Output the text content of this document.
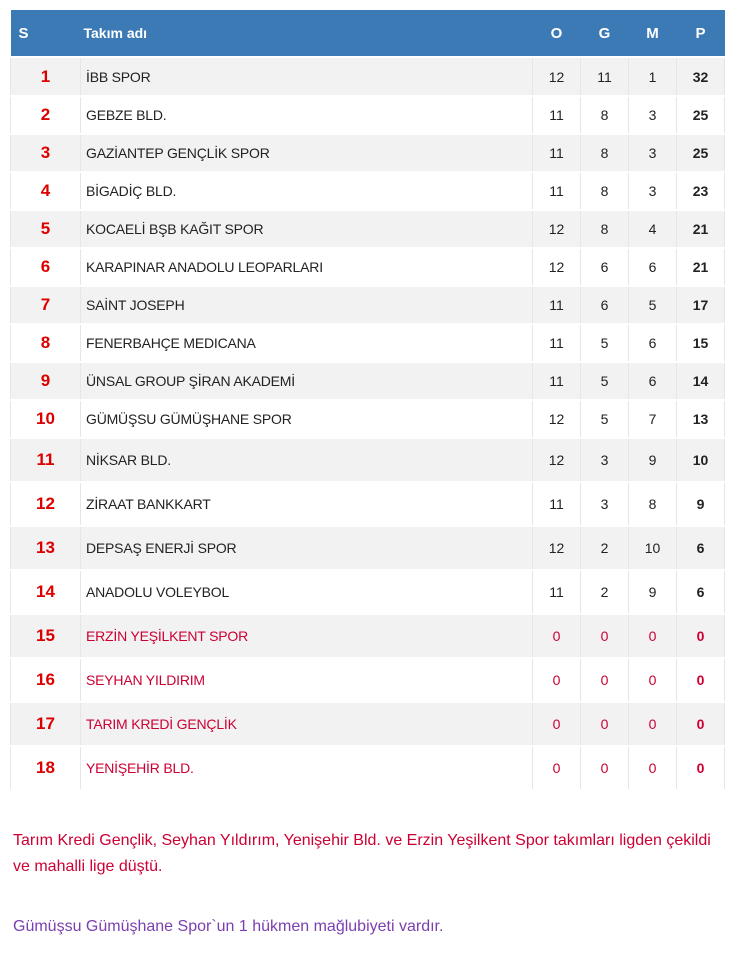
S	Takım adı	O	G	M	P

1	İBB SPOR	12	11	1	32
2	GEBZE BLD.	11	8	3	25
3	GAZİANTEP GENÇLİK SPOR	11	8	3	25
4	BİGADİÇ BLD.	11	8	3	23
5	KOCAELİ BŞB KAĞIT SPOR	12	8	4	21
6	KARAPINAR ANADOLU LEOPARLARI	12	6	6	21
7	SAİNT JOSEPH	11	6	5	17
8	FENERBAHÇE MEDICANA	11	5	6	15
9	ÜNSAL GROUP ŞİRAN AKADEMİ	11	5	6	14
10	GÜMÜŞSU GÜMÜŞHANE SPOR	12	5	7	13
11	NİKSAR BLD.	12	3	9	10
12	ZİRAAT BANKKART	11	3	8	9
13	DEPSAŞ ENERJİ SPOR	12	2	10	6
14	ANADOLU VOLEYBOL	11	2	9	6
15	ERZİN YEŞİLKENT SPOR	0	0	0	0
16	SEYHAN YILDIRIM	0	0	0	0
17	TARIM KREDİ GENÇLİK	0	0	0	0
18	YENİŞEHİR BLD.	0	0	0	0

Tarım Kredi Gençlik, Seyhan Yıldırım, Yenişehir Bld. ve Erzin Yeşilkent Spor takımları ligden çekildi ve mahalli lige düştü.

Gümüşsu Gümüşhane Spor`un 1 hükmen mağlubiyeti vardır.
